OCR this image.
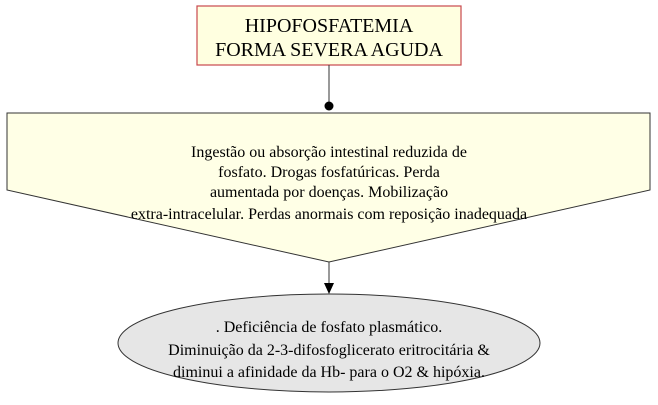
HIPOFOSFATEMIA
FORMA SEVERA AGUDA
Ingestão ou absorção intestinal reduzida de
fosfato. Drogas fosfatúricas. Perda
aumentada por doenças. Mobilização
extra-intracelular. Perdas anormais com reposição inadequada
. Deficiência de fosfato plasmático.
Diminuição da 2-3-difosfoglicerato eritrocitária &
diminui a afinidade da Hb- para o O2 & hipóxia.
